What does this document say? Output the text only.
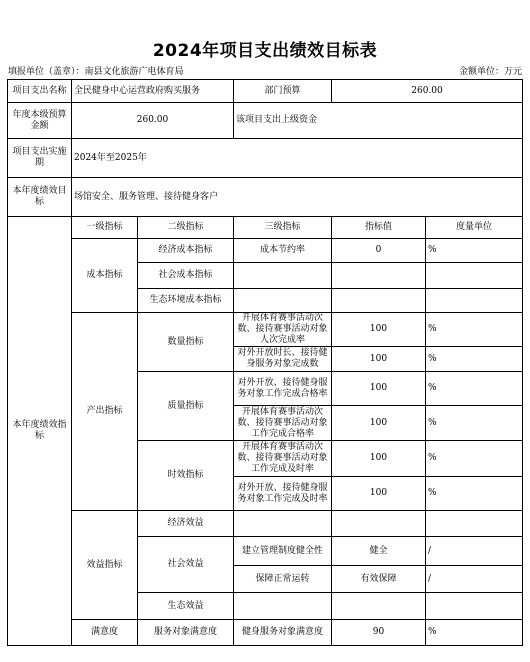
2024年项目支出绩效目标表
填报单位（盖章）：南县文化旅游广电体育局	金额单位：万元
项目支出名称	全民健身中心运营政府购买服务		部门预算	260.00	
年度本级预算金额	260.00		该项目支出上级资金		
项目支出实施期	2024年至2025年				
本年度绩效目标	场馆安全、服务管理、接待健身客户				
本年度绩效指标	一级指标	二级指标	三级指标	指标值	度量单位
	成本指标	经济成本指标	成本节约率	0	%
		社会成本指标			
		生态环境成本指标			
	产出指标	数量指标	开展体育赛事活动次数、接待赛事活动对象人次完成率	100	%
			对外开放时长、接待健身服务对象完成数	100	%
		质量指标	对外开放、接待健身服务对象工作完成合格率	100	%
			开展体育赛事活动次数、接待赛事活动对象工作完成合格率	100	%
		时效指标	开展体育赛事活动次数、接待赛事活动对象工作完成及时率	100	%
			对外开放、接待健身服务对象工作完成及时率	100	%
	效益指标	经济效益			
		社会效益	建立管理制度健全性	健全	/
			保障正常运转	有效保障	/
		生态效益			
	满意度	服务对象满意度	健身服务对象满意度	90	%
